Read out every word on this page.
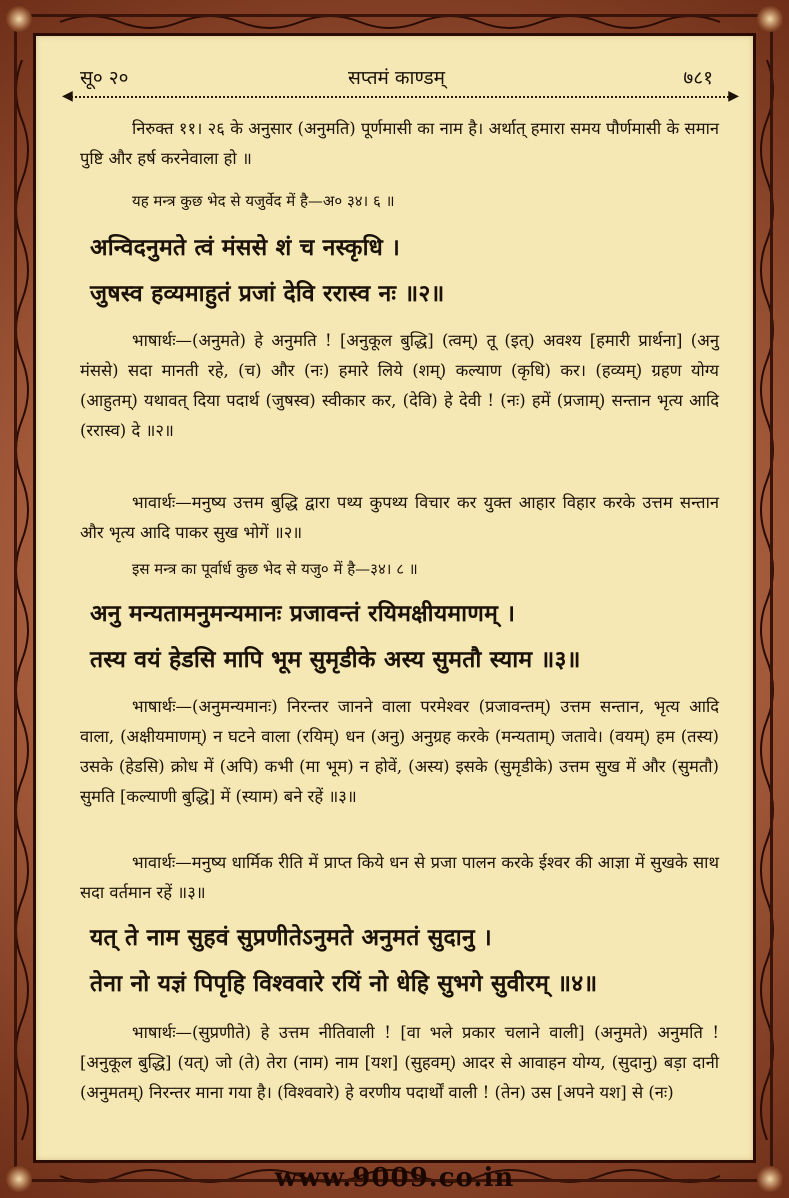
सू० २०	सप्तमं काण्डम्	७८१
◀	▶
निरुक्त ११। २६ के अनुसार (अनुमति) पूर्णमासी का नाम है। अर्थात् हमारा समय पौर्णमासी के समान पुष्टि और हर्ष करनेवाला हो ॥
यह मन्त्र कुछ भेद से यजुर्वेद में है—अ० ३४। ६ ॥
अन्विदनुमते त्वं मंससे शं च नस्कृधि ।
जुषस्व हव्यमाहुतं प्रजां देवि ररास्व नः ॥२॥
भाषार्थः—(अनुमते) हे अनुमति ! [अनुकूल बुद्धि] (त्वम्) तू (इत्) अवश्य [हमारी प्रार्थना] (अनु मंससे) सदा मानती रहे, (च) और (नः) हमारे लिये (शम्) कल्याण (कृधि) कर। (हव्यम्) ग्रहण योग्य (आहुतम्) यथावत् दिया पदार्थ (जुषस्व) स्वीकार कर, (देवि) हे देवी ! (नः) हमें (प्रजाम्) सन्तान भृत्य आदि (ररास्व) दे ॥२॥
भावार्थः—मनुष्य उत्तम बुद्धि द्वारा पथ्य कुपथ्य विचार कर युक्त आहार विहार करके उत्तम सन्तान और भृत्य आदि पाकर सुख भोगें ॥२॥
इस मन्त्र का पूर्वार्ध कुछ भेद से यजु० में है—३४। ८ ॥
अनु मन्यतामनुमन्यमानः प्रजावन्तं रयिमक्षीयमाणम् ।
तस्य वयं हेडसि मापि भूम सुमृडीके अस्य सुमतौ स्याम ॥३॥
भाषार्थः—(अनुमन्यमानः) निरन्तर जानने वाला परमेश्वर (प्रजावन्तम्) उत्तम सन्तान, भृत्य आदि वाला, (अक्षीयमाणम्) न घटने वाला (रयिम्) धन (अनु) अनुग्रह करके (मन्यताम्) जतावे। (वयम्) हम (तस्य) उसके (हेडसि) क्रोध में (अपि) कभी (मा भूम) न होवें, (अस्य) इसके (सुमृडीके) उत्तम सुख में और (सुमतौ) सुमति [कल्याणी बुद्धि] में (स्याम) बने रहें ॥३॥
भावार्थः—मनुष्य धार्मिक रीति में प्राप्त किये धन से प्रजा पालन करके ईश्वर की आज्ञा में सुखके साथ सदा वर्तमान रहें ॥३॥
यत् ते नाम सुहवं सुप्रणीतेऽनुमते अनुमतं सुदानु ।
तेना नो यज्ञं पिपृहि विश्ववारे रयिं नो धेहि सुभगे सुवीरम् ॥४॥
भाषार्थः—(सुप्रणीते) हे उत्तम नीतिवाली ! [वा भले प्रकार चलाने वाली] (अनुमते) अनुमति ! [अनुकूल बुद्धि] (यत्) जो (ते) तेरा (नाम) नाम [यश] (सुहवम्) आदर से आवाहन योग्य, (सुदानु) बड़ा दानी (अनुमतम्) निरन्तर माना गया है। (विश्ववारे) हे वरणीय पदार्थों वाली ! (तेन) उस [अपने यश] से (नः)
www.9009.co.in
